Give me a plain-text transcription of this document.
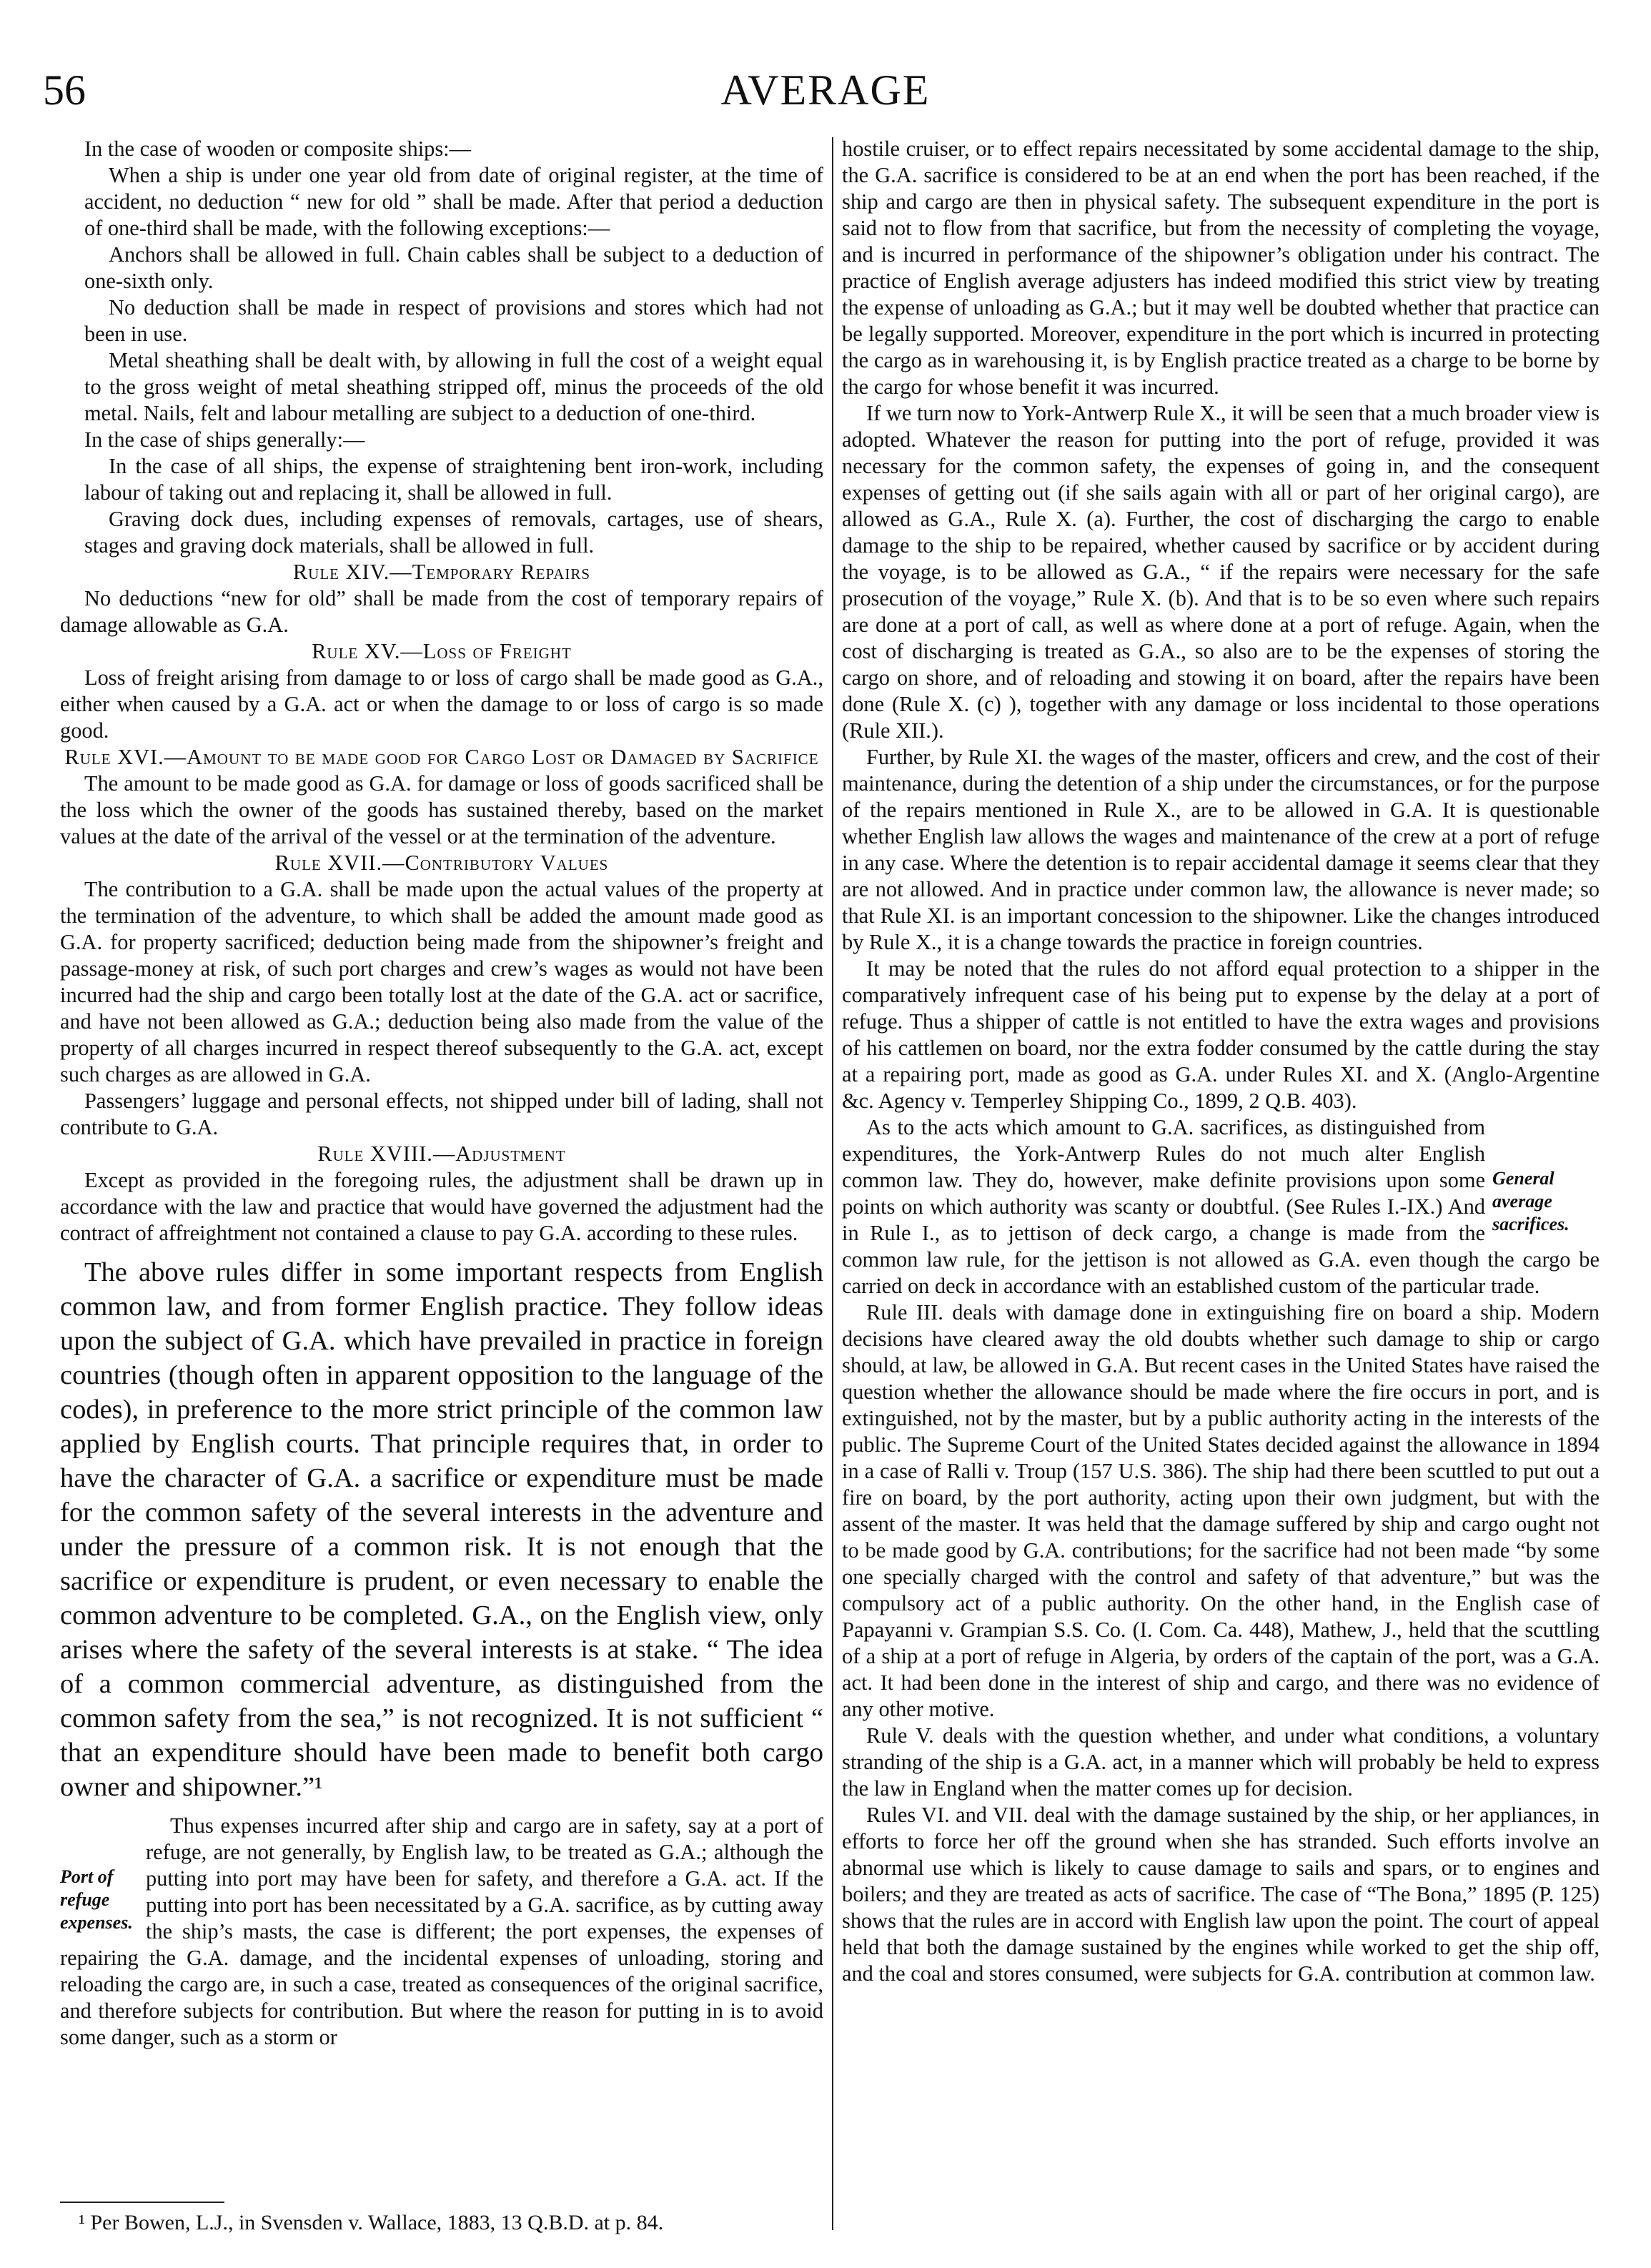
56	AVERAGE

In the case of wooden or composite ships:—

When a ship is under one year old from date of original register, at the time of accident, no deduction “ new for old ” shall be made. After that period a deduction of one-third shall be made, with the following exceptions:—

Anchors shall be allowed in full. Chain cables shall be subject to a deduction of one-sixth only.

No deduction shall be made in respect of provisions and stores which had not been in use.

Metal sheathing shall be dealt with, by allowing in full the cost of a weight equal to the gross weight of metal sheathing stripped off, minus the proceeds of the old metal. Nails, felt and labour metalling are subject to a deduction of one-third.

In the case of ships generally:—

In the case of all ships, the expense of straightening bent iron-work, including labour of taking out and replacing it, shall be allowed in full.

Graving dock dues, including expenses of removals, cartages, use of shears, stages and graving dock materials, shall be allowed in full.

Rule XIV.—Temporary Repairs

No deductions “new for old” shall be made from the cost of temporary repairs of damage allowable as G.A.

Rule XV.—Loss of Freight

Loss of freight arising from damage to or loss of cargo shall be made good as G.A., either when caused by a G.A. act or when the damage to or loss of cargo is so made good.

Rule XVI.—Amount to be made good for Cargo Lost or Damaged by Sacrifice

The amount to be made good as G.A. for damage or loss of goods sacrificed shall be the loss which the owner of the goods has sustained thereby, based on the market values at the date of the arrival of the vessel or at the termination of the adventure.

Rule XVII.—Contributory Values

The contribution to a G.A. shall be made upon the actual values of the property at the termination of the adventure, to which shall be added the amount made good as G.A. for property sacrificed; deduction being made from the shipowner’s freight and passage-money at risk, of such port charges and crew’s wages as would not have been incurred had the ship and cargo been totally lost at the date of the G.A. act or sacrifice, and have not been allowed as G.A.; deduction being also made from the value of the property of all charges incurred in respect thereof subsequently to the G.A. act, except such charges as are allowed in G.A.

Passengers’ luggage and personal effects, not shipped under bill of lading, shall not contribute to G.A.

Rule XVIII.—Adjustment

Except as provided in the foregoing rules, the adjustment shall be drawn up in accordance with the law and practice that would have governed the adjustment had the contract of affreightment not contained a clause to pay G.A. according to these rules.

The above rules differ in some important respects from English common law, and from former English practice. They follow ideas upon the subject of G.A. which have prevailed in practice in foreign countries (though often in apparent opposition to the language of the codes), in preference to the more strict principle of the common law applied by English courts. That principle requires that, in order to have the character of G.A. a sacrifice or expenditure must be made for the common safety of the several interests in the adventure and under the pressure of a common risk. It is not enough that the sacrifice or expenditure is prudent, or even necessary to enable the common adventure to be completed. G.A., on the English view, only arises where the safety of the several interests is at stake. “ The idea of a common commercial adventure, as distinguished from the common safety from the sea,” is not recognized. It is not sufficient “ that an expenditure should have been made to benefit both cargo owner and shipowner.”¹

Port of refuge expenses.

Thus expenses incurred after ship and cargo are in safety, say at a port of refuge, are not generally, by English law, to be treated as G.A.; although the putting into port may have been for safety, and therefore a G.A. act. If the putting into port has been necessitated by a G.A. sacrifice, as by cutting away the ship’s masts, the case is different; the port expenses, the expenses of repairing the G.A. damage, and the incidental expenses of unloading, storing and reloading the cargo are, in such a case, treated as consequences of the original sacrifice, and therefore subjects for contribution. But where the reason for putting in is to avoid some danger, such as a storm or

hostile cruiser, or to effect repairs necessitated by some accidental damage to the ship, the G.A. sacrifice is considered to be at an end when the port has been reached, if the ship and cargo are then in physical safety. The subsequent expenditure in the port is said not to flow from that sacrifice, but from the necessity of completing the voyage, and is incurred in performance of the shipowner’s obligation under his contract. The practice of English average adjusters has indeed modified this strict view by treating the expense of unloading as G.A.; but it may well be doubted whether that practice can be legally supported. Moreover, expenditure in the port which is incurred in protecting the cargo as in warehousing it, is by English practice treated as a charge to be borne by the cargo for whose benefit it was incurred.

If we turn now to York-Antwerp Rule X., it will be seen that a much broader view is adopted. Whatever the reason for putting into the port of refuge, provided it was necessary for the common safety, the expenses of going in, and the consequent expenses of getting out (if she sails again with all or part of her original cargo), are allowed as G.A., Rule X. (a). Further, the cost of discharging the cargo to enable damage to the ship to be repaired, whether caused by sacrifice or by accident during the voyage, is to be allowed as G.A., “ if the repairs were necessary for the safe prosecution of the voyage,” Rule X. (b). And that is to be so even where such repairs are done at a port of call, as well as where done at a port of refuge. Again, when the cost of discharging is treated as G.A., so also are to be the expenses of storing the cargo on shore, and of reloading and stowing it on board, after the repairs have been done (Rule X. (c) ), together with any damage or loss incidental to those operations (Rule XII.).

Further, by Rule XI. the wages of the master, officers and crew, and the cost of their maintenance, during the detention of a ship under the circumstances, or for the purpose of the repairs mentioned in Rule X., are to be allowed in G.A. It is questionable whether English law allows the wages and maintenance of the crew at a port of refuge in any case. Where the detention is to repair accidental damage it seems clear that they are not allowed. And in practice under common law, the allowance is never made; so that Rule XI. is an important concession to the shipowner. Like the changes introduced by Rule X., it is a change towards the practice in foreign countries.

It may be noted that the rules do not afford equal protection to a shipper in the comparatively infrequent case of his being put to expense by the delay at a port of refuge. Thus a shipper of cattle is not entitled to have the extra wages and provisions of his cattlemen on board, nor the extra fodder consumed by the cattle during the stay at a repairing port, made as good as G.A. under Rules XI. and X. (Anglo-Argentine &c. Agency v. Temperley Shipping Co., 1899, 2 Q.B. 403).

General average sacrifices.

As to the acts which amount to G.A. sacrifices, as distinguished from expenditures, the York-Antwerp Rules do not much alter English common law. They do, however, make definite provisions upon some points on which authority was scanty or doubtful. (See Rules I.-IX.) And in Rule I., as to jettison of deck cargo, a change is made from the common law rule, for the jettison is not allowed as G.A. even though the cargo be carried on deck in accordance with an established custom of the particular trade.

Rule III. deals with damage done in extinguishing fire on board a ship. Modern decisions have cleared away the old doubts whether such damage to ship or cargo should, at law, be allowed in G.A. But recent cases in the United States have raised the question whether the allowance should be made where the fire occurs in port, and is extinguished, not by the master, but by a public authority acting in the interests of the public. The Supreme Court of the United States decided against the allowance in 1894 in a case of Ralli v. Troup (157 U.S. 386). The ship had there been scuttled to put out a fire on board, by the port authority, acting upon their own judgment, but with the assent of the master. It was held that the damage suffered by ship and cargo ought not to be made good by G.A. contributions; for the sacrifice had not been made “by some one specially charged with the control and safety of that adventure,” but was the compulsory act of a public authority. On the other hand, in the English case of Papayanni v. Grampian S.S. Co. (I. Com. Ca. 448), Mathew, J., held that the scuttling of a ship at a port of refuge in Algeria, by orders of the captain of the port, was a G.A. act. It had been done in the interest of ship and cargo, and there was no evidence of any other motive.

Rule V. deals with the question whether, and under what conditions, a voluntary stranding of the ship is a G.A. act, in a manner which will probably be held to express the law in England when the matter comes up for decision.

Rules VI. and VII. deal with the damage sustained by the ship, or her appliances, in efforts to force her off the ground when she has stranded. Such efforts involve an abnormal use which is likely to cause damage to sails and spars, or to engines and boilers; and they are treated as acts of sacrifice. The case of “The Bona,” 1895 (P. 125) shows that the rules are in accord with English law upon the point. The court of appeal held that both the damage sustained by the engines while worked to get the ship off, and the coal and stores consumed, were subjects for G.A. contribution at common law.

¹ Per Bowen, L.J., in Svensden v. Wallace, 1883, 13 Q.B.D. at p. 84.
